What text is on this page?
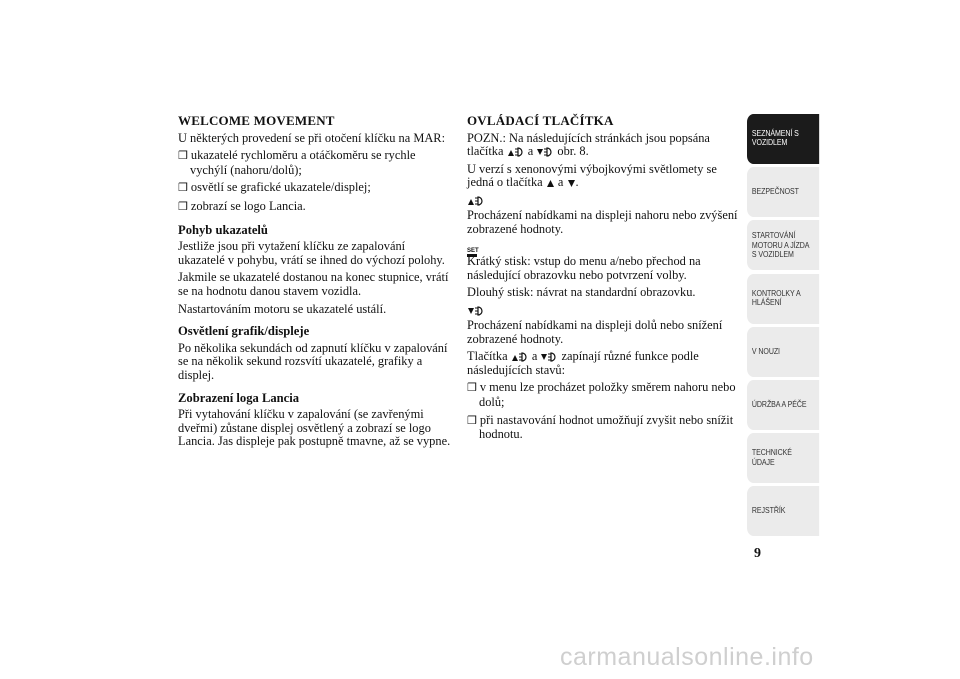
WELCOME MOVEMENT
U některých provedení se při otočení klíčku na MAR:
❒ ukazatelé rychloměru a otáčkoměru se rychle vychýlí (nahoru/dolů);
❒ osvětlí se grafické ukazatele/displej;
❒ zobrazí se logo Lancia.
Pohyb ukazatelů
Jestliže jsou při vytažení klíčku ze zapalování ukazatelé v pohybu, vrátí se ihned do výchozí polohy.
Jakmile se ukazatelé dostanou na konec stupnice, vrátí se na hodnotu danou stavem vozidla.
Nastartováním motoru se ukazatelé ustálí.
Osvětlení grafik/displeje
Po několika sekundách od zapnutí klíčku v zapalování se na několik sekund rozsvítí ukazatelé, grafiky a displej.
Zobrazení loga Lancia
Při vytahování klíčku v zapalování (se zavřenými dveřmi) zůstane displej osvětlený a zobrazí se logo Lancia. Jas displeje pak postupně tmavne, až se vypne.
OVLÁDACÍ TLAČÍTKA
POZN.: Na následujících stránkách jsou popsána tlačítka a obr. 8.
U verzí s xenonovými výbojkovými světlomety se jedná o tlačítka a .
Procházení nabídkami na displeji nahoru nebo zvýšení zobrazené hodnoty.
SET
Krátký stisk: vstup do menu a/nebo přechod na následující obrazovku nebo potvrzení volby.
Dlouhý stisk: návrat na standardní obrazovku.
Procházení nabídkami na displeji dolů nebo snížení zobrazené hodnoty.
Tlačítka a zapínají různé funkce podle následujících stavů:
❒ v menu lze procházet položky směrem nahoru nebo dolů;
❒ při nastavování hodnot umožňují zvyšit nebo snížit hodnotu.
SEZNÁMENÍ S
VOZIDLEM
BEZPEČNOST
STARTOVÁNÍ
MOTORU A JÍZDA
S VOZIDLEM
KONTROLKY A
HLÁŠENÍ
V NOUZI
ÚDRŽBA A PÉČE
TECHNICKÉ
ÚDAJE
REJSTŘÍK
9
carmanualsonline.info
